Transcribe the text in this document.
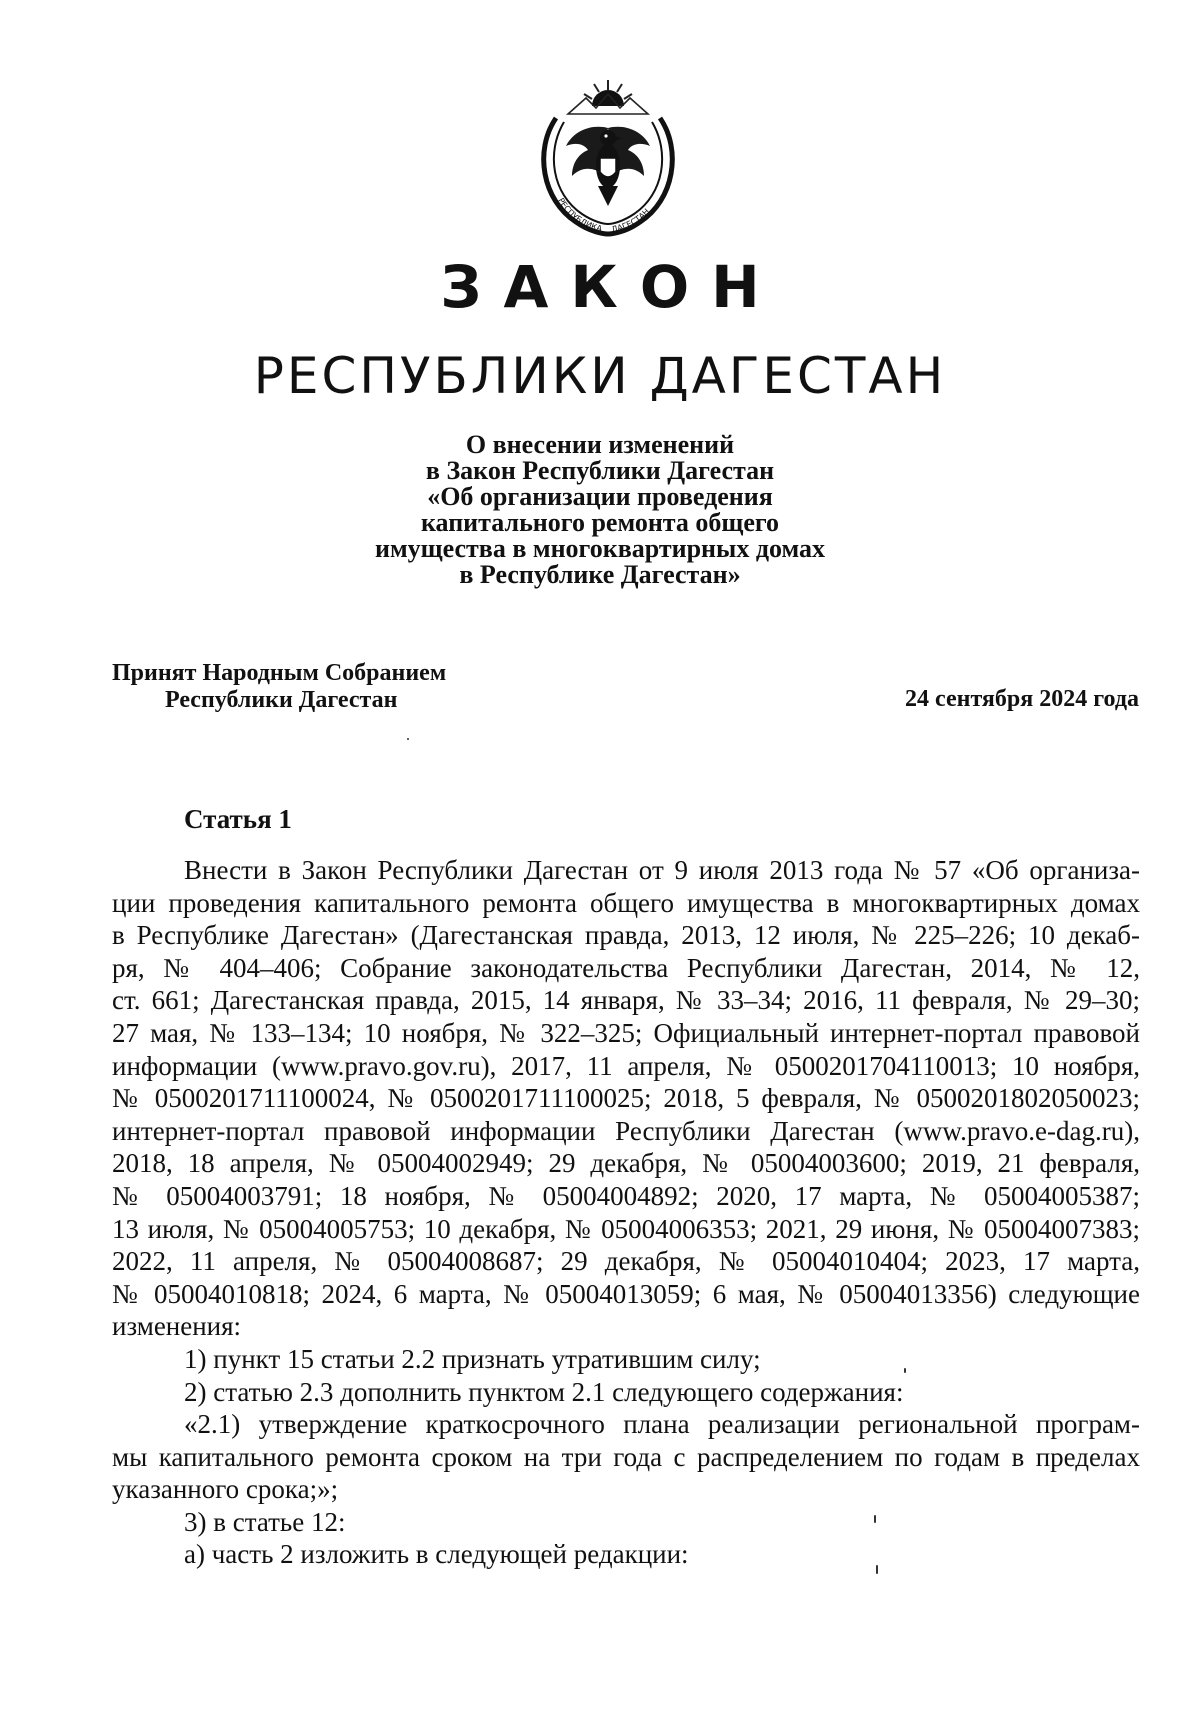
РЕСПУБЛИКА ДАГЕСТАН
ЗАКОН
РЕСПУБЛИКИ ДАГЕСТАН
О внесении изменений
в Закон Республики Дагестан
«Об организации проведения
капитального ремонта общего
имущества в многоквартирных домах
в Республике Дагестан»
Принят Народным Собранием
Республики Дагестан	24 сентября 2024 года
Статья 1
Внести в Закон Республики Дагестан от 9 июля 2013 года № 57 «Об организа-
ции проведения капитального ремонта общего имущества в многоквартирных домах
в Республике Дагестан» (Дагестанская правда, 2013, 12 июля, № 225–226; 10 декаб-
ря, № 404–406; Собрание законодательства Республики Дагестан, 2014, № 12,
ст. 661; Дагестанская правда, 2015, 14 января, № 33–34; 2016, 11 февраля, № 29–30;
27 мая, № 133–134; 10 ноября, № 322–325; Официальный интернет-портал правовой
информации (www.pravo.gov.ru), 2017, 11 апреля, № 0500201704110013; 10 ноября,
№ 0500201711100024, № 0500201711100025; 2018, 5 февраля, № 0500201802050023;
интернет-портал правовой информации Республики Дагестан (www.pravo.e-dag.ru),
2018, 18 апреля, № 05004002949; 29 декабря, № 05004003600; 2019, 21 февраля,
№ 05004003791; 18 ноября, № 05004004892; 2020, 17 марта, № 05004005387;
13 июля, № 05004005753; 10 декабря, № 05004006353; 2021, 29 июня, № 05004007383;
2022, 11 апреля, № 05004008687; 29 декабря, № 05004010404; 2023, 17 марта,
№ 05004010818; 2024, 6 марта, № 05004013059; 6 мая, № 05004013356) следующие
изменения:
1) пункт 15 статьи 2.2 признать утратившим силу;
2) статью 2.3 дополнить пунктом 2.1 следующего содержания:
«2.1) утверждение краткосрочного плана реализации региональной програм-
мы капитального ремонта сроком на три года с распределением по годам в пределах
указанного срока;»;
3) в статье 12:
а) часть 2 изложить в следующей редакции:
